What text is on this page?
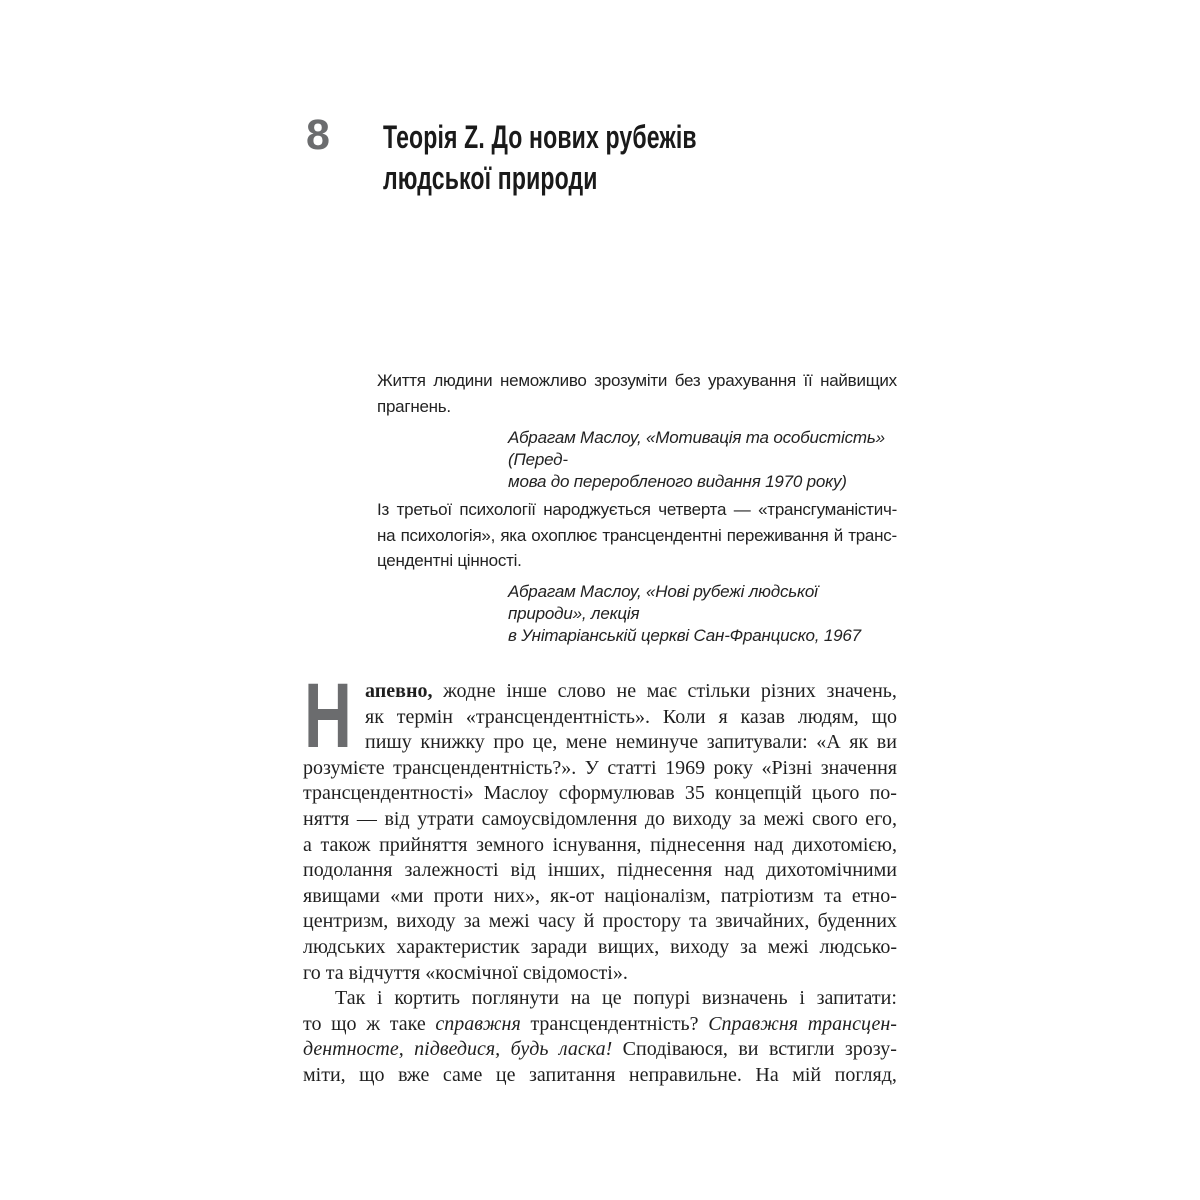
8 Теорія Z. До нових рубежів
людської природи
Життя людини неможливо зрозуміти без урахування її найвищих
прагнень.
Абрагам Маслоу, «Мотивація та особистість» (Перед-
мова до переробленого видання 1970 року)
Із третьої психології народжується четверта — «трансгуманістич-
на психологія», яка охоплює трансцендентні переживання й транс-
цендентні цінності.
Абрагам Маслоу, «Нові рубежі людської природи», лекція
в Унітаріанській церкві Сан-Франциско, 1967
Н апевно, жодне інше слово не має стільки різних значень,
як термін «трансцендентність». Коли я казав людям, що
пишу книжку про це, мене неминуче запитували: «А як ви
розумієте трансцендентність?». У статті 1969 року «Різні значення
трансцендентності» Маслоу сформулював 35 концепцій цього по-
няття — від утрати самоусвідомлення до виходу за межі свого его,
а також прийняття земного існування, піднесення над дихотомією,
подолання залежності від інших, піднесення над дихотомічними
явищами «ми проти них», як-от націоналізм, патріотизм та етно-
центризм, виходу за межі часу й простору та звичайних, буденних
людських характеристик заради вищих, виходу за межі людсько-
го та відчуття «космічної свідомості».
Так і кортить поглянути на це попурі визначень і запитати:
то що ж таке справжня трансцендентність? Справжня трансцен-
дентносте, підведися, будь ласка! Сподіваюся, ви встигли зрозу-
міти, що вже саме це запитання неправильне. На мій погляд,
